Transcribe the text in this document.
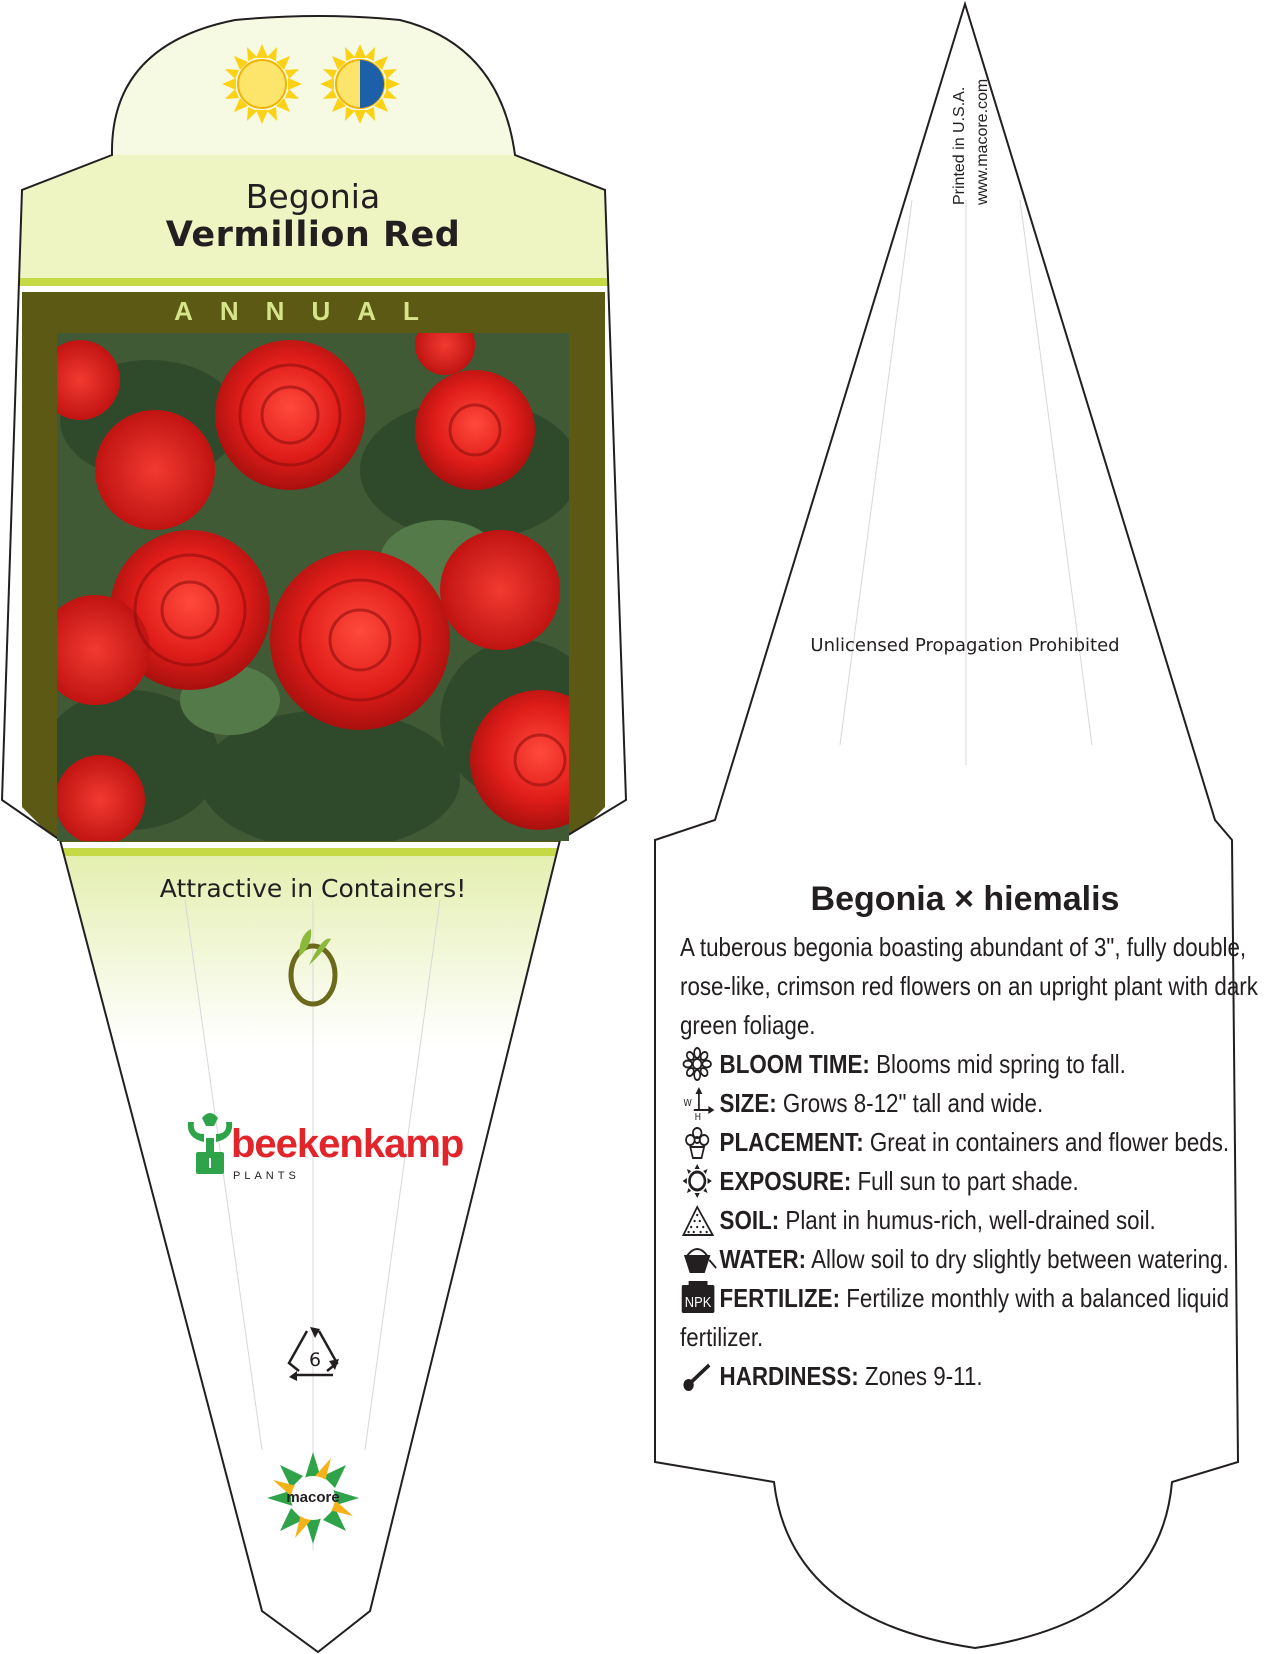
Begonia
Vermillion Red
ANNUAL
Attractive in Containers!
beekenkamp
PLANTS
6
macore
Printed in U.S.A. www.macore.com
Unlicensed Propagation Prohibited
Begonia × hiemalis

A tuberous begonia boasting abundant of 3", fully double, rose-like, crimson red flowers on an upright plant with dark green foliage.

BLOOM TIME: Blooms mid spring to fall.
W
H SIZE: Grows 8-12" tall and wide.
PLACEMENT: Great in containers and flower beds.
EXPOSURE: Full sun to part shade.
SOIL: Plant in humus-rich, well-drained soil.
WATER: Allow soil to dry slightly between watering.
NPK FERTILIZE: Fertilize monthly with a balanced liquid fertilizer.
HARDINESS: Zones 9-11.
